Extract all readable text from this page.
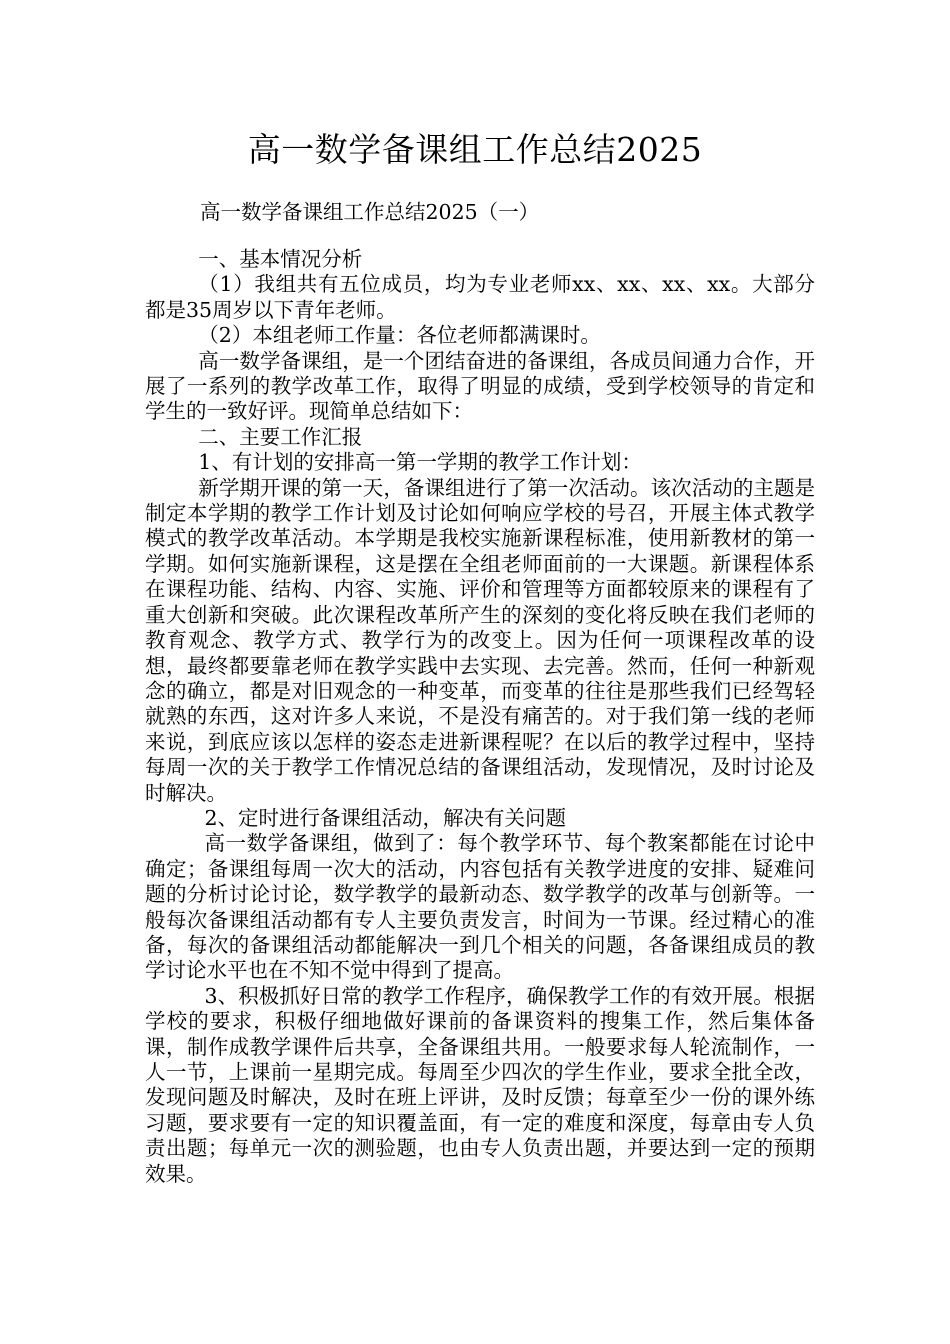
高一数学备课组工作总结2025

高一数学备课组工作总结2025（一）

一、基本情况分析

（1）我组共有五位成员，均为专业老师xx、xx、xx、xx。大部分都是35周岁以下青年老师。

（2）本组老师工作量：各位老师都满课时。

高一数学备课组，是一个团结奋进的备课组，各成员间通力合作，开展了一系列的教学改革工作，取得了明显的成绩，受到学校领导的肯定和学生的一致好评。现简单总结如下：

二、主要工作汇报

1、有计划的安排高一第一学期的教学工作计划：

新学期开课的第一天，备课组进行了第一次活动。该次活动的主题是制定本学期的教学工作计划及讨论如何响应学校的号召，开展主体式教学模式的教学改革活动。本学期是我校实施新课程标准，使用新教材的第一学期。如何实施新课程，这是摆在全组老师面前的一大课题。新课程体系在课程功能、结构、内容、实施、评价和管理等方面都较原来的课程有了重大创新和突破。此次课程改革所产生的深刻的变化将反映在我们老师的教育观念、教学方式、教学行为的改变上。因为任何一项课程改革的设想，最终都要靠老师在教学实践中去实现、去完善。然而，任何一种新观念的确立，都是对旧观念的一种变革，而变革的往往是那些我们已经驾轻就熟的东西，这对许多人来说，不是没有痛苦的。对于我们第一线的老师来说，到底应该以怎样的姿态走进新课程呢？在以后的教学过程中，坚持每周一次的关于教学工作情况总结的备课组活动，发现情况，及时讨论及时解决。

2、定时进行备课组活动，解决有关问题

高一数学备课组，做到了：每个教学环节、每个教案都能在讨论中确定；备课组每周一次大的活动，内容包括有关教学进度的安排、疑难问题的分析讨论讨论，数学教学的最新动态、数学教学的改革与创新等。一般每次备课组活动都有专人主要负责发言，时间为一节课。经过精心的准备，每次的备课组活动都能解决一到几个相关的问题，各备课组成员的教学讨论水平也在不知不觉中得到了提高。

3、积极抓好日常的教学工作程序，确保教学工作的有效开展。根据学校的要求，积极仔细地做好课前的备课资料的搜集工作，然后集体备课，制作成教学课件后共享，全备课组共用。一般要求每人轮流制作，一人一节，上课前一星期完成。每周至少四次的学生作业，要求全批全改，发现问题及时解决，及时在班上评讲，及时反馈；每章至少一份的课外练习题，要求要有一定的知识覆盖面，有一定的难度和深度，每章由专人负责出题；每单元一次的测验题，也由专人负责出题，并要达到一定的预期效果。
